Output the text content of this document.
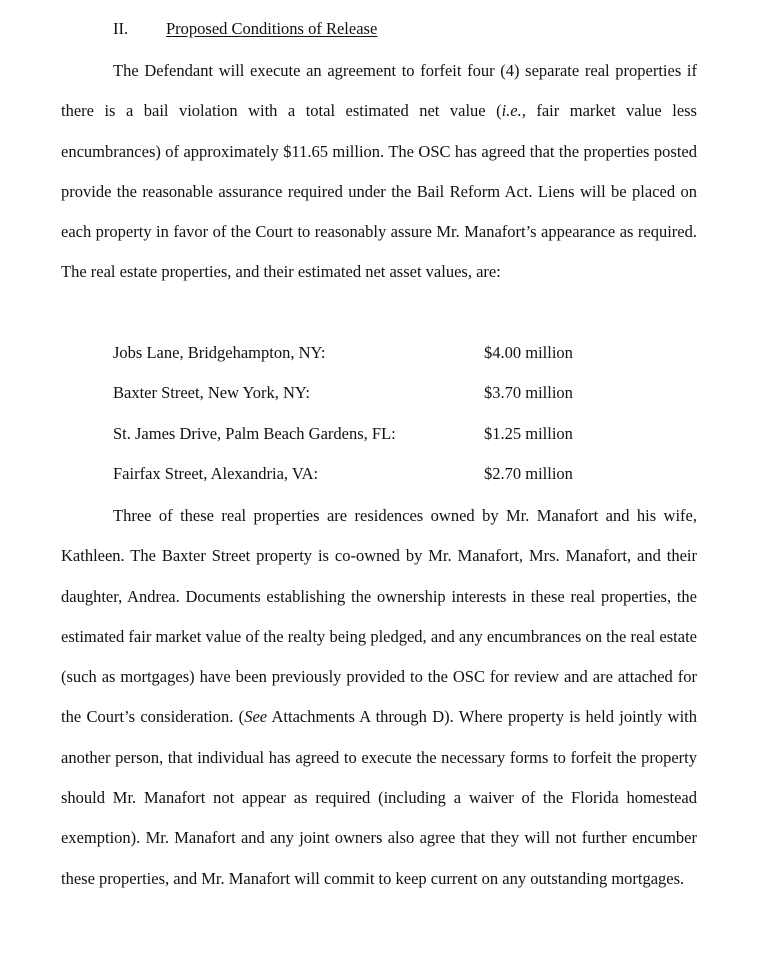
II. Proposed Conditions of Release

The Defendant will execute an agreement to forfeit four (4) separate real properties if there is a bail violation with a total estimated net value (i.e., fair market value less encumbrances) of approximately $11.65 million. The OSC has agreed that the properties posted provide the reasonable assurance required under the Bail Reform Act. Liens will be placed on each property in favor of the Court to reasonably assure Mr. Manafort’s appearance as required. The real estate properties, and their estimated net asset values, are:

Jobs Lane, Bridgehampton, NY:	$4.00 million
Baxter Street, New York, NY:	$3.70 million
St. James Drive, Palm Beach Gardens, FL:	$1.25 million
Fairfax Street, Alexandria, VA:	$2.70 million

Three of these real properties are residences owned by Mr. Manafort and his wife, Kathleen. The Baxter Street property is co-owned by Mr. Manafort, Mrs. Manafort, and their daughter, Andrea. Documents establishing the ownership interests in these real properties, the estimated fair market value of the realty being pledged, and any encumbrances on the real estate (such as mortgages) have been previously provided to the OSC for review and are attached for the Court’s consideration. (See Attachments A through D). Where property is held jointly with another person, that individual has agreed to execute the necessary forms to forfeit the property should Mr. Manafort not appear as required (including a waiver of the Florida homestead exemption). Mr. Manafort and any joint owners also agree that they will not further encumber these properties, and Mr. Manafort will commit to keep current on any outstanding mortgages.
